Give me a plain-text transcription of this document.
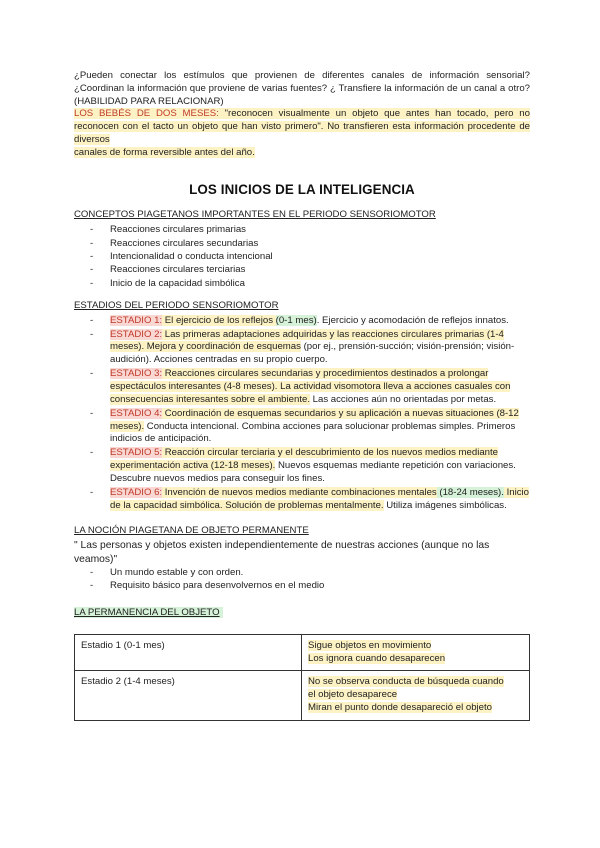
¿Pueden conectar los estímulos que provienen de diferentes canales de información sensorial? ¿Coordinan la información que proviene de varias fuentes? ¿ Transfiere la información de un canal a otro? (HABILIDAD PARA RELACIONAR)

LOS BEBÉS DE DOS MESES: "reconocen visualmente un objeto que antes han tocado, pero no reconocen con el tacto un objeto que han visto primero". No transfieren esta información procedente de diversos

canales de forma reversible antes del año.

LOS INICIOS DE LA INTELIGENCIA
CONCEPTOS PIAGETANOS IMPORTANTES EN EL PERIODO SENSORIOMOTOR
- Reacciones circulares primarias
- Reacciones circulares secundarias
- Intencionalidad o conducta intencional
- Reacciones circulares terciarias
- Inicio de la capacidad simbólica
ESTADIOS DEL PERIODO SENSORIOMOTOR
- ESTADIO 1: El ejercicio de los reflejos (0-1 mes). Ejercicio y acomodación de reflejos innatos.
- ESTADIO 2: Las primeras adaptaciones adquiridas y las reacciones circulares primarias (1-4 meses). Mejora y coordinación de esquemas (por ej., prensión-succión; visión-prensión; visión-audición). Acciones centradas en su propio cuerpo.
- ESTADIO 3: Reacciones circulares secundarias y procedimientos destinados a prolongar espectáculos interesantes (4-8 meses). La actividad visomotora lleva a acciones casuales con consecuencias interesantes sobre el ambiente. Las acciones aún no orientadas por metas.
- ESTADIO 4: Coordinación de esquemas secundarios y su aplicación a nuevas situaciones (8-12 meses). Conducta intencional. Combina acciones para solucionar problemas simples. Primeros indicios de anticipación.
- ESTADIO 5: Reacción circular terciaria y el descubrimiento de los nuevos medios mediante experimentación activa (12-18 meses). Nuevos esquemas mediante repetición con variaciones. Descubre nuevos medios para conseguir los fines.
- ESTADIO 6: Invención de nuevos medios mediante combinaciones mentales (18-24 meses). Inicio de la capacidad simbólica. Solución de problemas mentalmente. Utiliza imágenes simbólicas.
LA NOCIÓN PIAGETANA DE OBJETO PERMANENTE

" Las personas y objetos existen independientemente de nuestras acciones (aunque no las veamos)"

- Un mundo estable y con orden.
- Requisito básico para desenvolvernos en el medio
LA PERMANENCIA DEL OBJETO
Estadio 1 (0-1 mes)	Sigue objetos en movimiento
Los ignora cuando desaparecen

Estadio 2 (1-4 meses)	No se observa conducta de búsqueda cuando
el objeto desaparece
Miran el punto donde desapareció el objeto
